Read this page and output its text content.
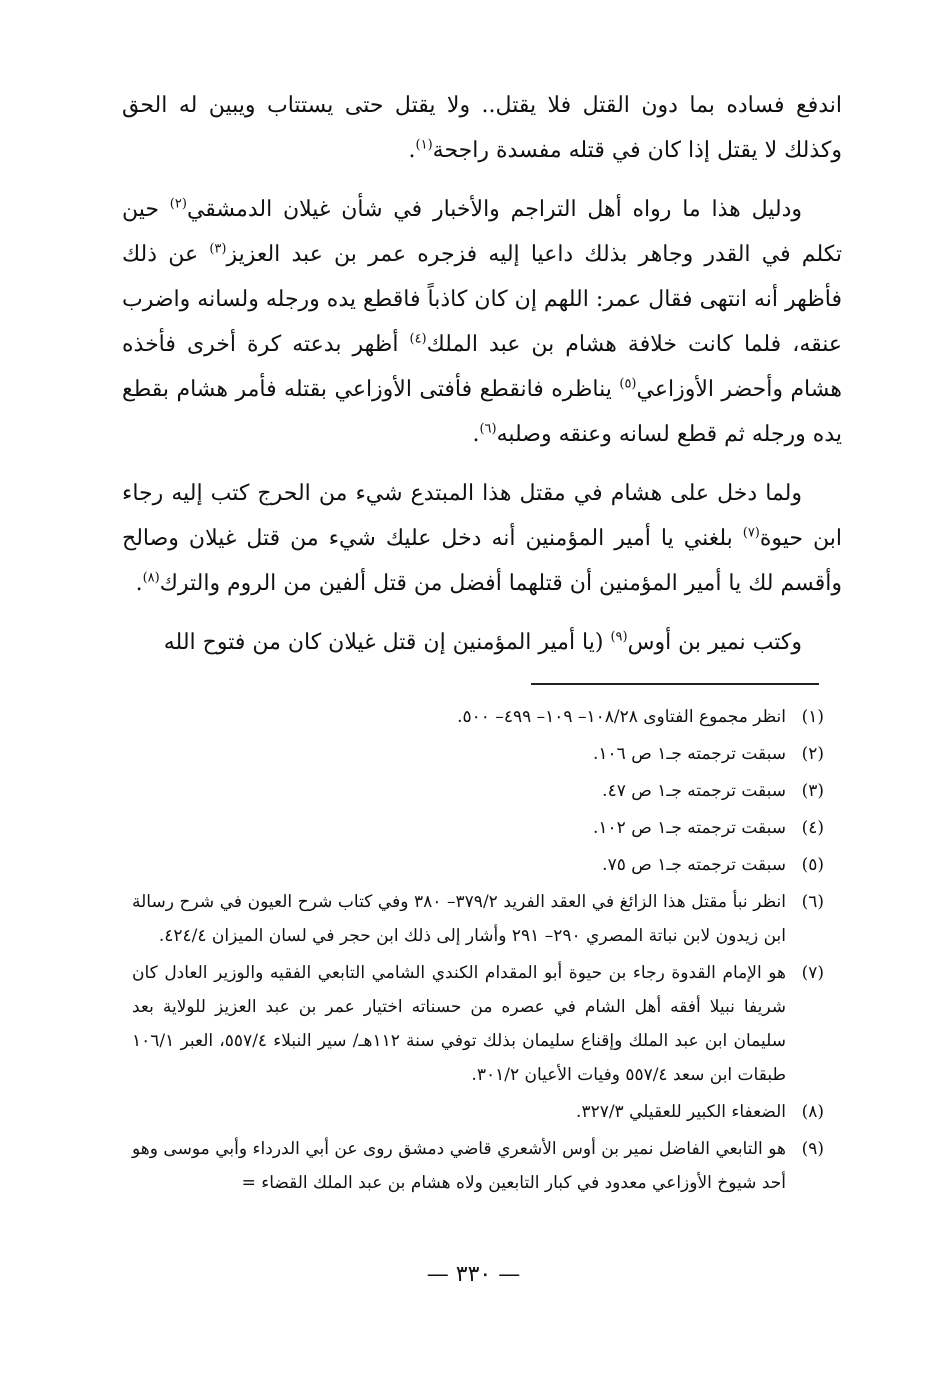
اندفع فساده بما دون القتل فلا يقتل.. ولا يقتل حتى يستتاب ويبين له الحق وكذلك لا يقتل إذا كان في قتله مفسدة راجحة$^{(١)}$.

ودليل هذا ما رواه أهل التراجم والأخبار في شأن غيلان الدمشقي$^{(٢)}$ حين تكلم في القدر وجاهر بذلك داعيا إليه فزجره عمر بن عبد العزيز$^{(٣)}$ عن ذلك فأظهر أنه انتهى فقال عمر: اللهم إن كان كاذباً فاقطع يده ورجله ولسانه واضرب عنقه، فلما كانت خلافة هشام بن عبد الملك$^{(٤)}$ أظهر بدعته كرة أخرى فأخذه هشام وأحضر الأوزاعي$^{(٥)}$ يناظره فانقطع فأفتى الأوزاعي بقتله فأمر هشام بقطع يده ورجله ثم قطع لسانه وعنقه وصلبه$^{(٦)}$.

ولما دخل على هشام في مقتل هذا المبتدع شيء من الحرج كتب إليه رجاء ابن حيوة$^{(٧)}$ بلغني يا أمير المؤمنين أنه دخل عليك شيء من قتل غيلان وصالح وأقسم لك يا أمير المؤمنين أن قتلهما أفضل من قتل ألفين من الروم والترك$^{(٨)}$.

وكتب نمير بن أوس$^{(٩)}$ (يا أمير المؤمنين إن قتل غيلان كان من فتوح الله

(١)
انظر مجموع الفتاوى ١٠٨/٢٨– ١٠٩– ٤٩٩– ٥٠٠.
(٢)
سبقت ترجمته جـ١ ص ١٠٦.
(٣)
سبقت ترجمته جـ١ ص ٤٧.
(٤)
سبقت ترجمته جـ١ ص ١٠٢.
(٥)
سبقت ترجمته جـ١ ص ٧٥.
(٦)
انظر نبأ مقتل هذا الزائغ في العقد الفريد ٣٧٩/٢– ٣٨٠ وفي كتاب شرح العيون في شرح رسالة ابن زيدون لابن نباتة المصري ٢٩٠– ٢٩١ وأشار إلى ذلك ابن حجر في لسان الميزان ٤٢٤/٤.
(٧)
هو الإمام القدوة رجاء بن حيوة أبو المقدام الكندي الشامي التابعي الفقيه والوزير العادل كان شريفا نبيلا أفقه أهل الشام في عصره من حسناته اختيار عمر بن عبد العزيز للولاية بعد سليمان ابن عبد الملك وإقناع سليمان بذلك توفي سنة ١١٢هـ/ سير النبلاء ٥٥٧/٤، العبر ١٠٦/١ طبقات ابن سعد ٥٥٧/٤ وفيات الأعيان ٣٠١/٢.
(٨)
الضعفاء الكبير للعقيلي ٣٢٧/٣.
(٩)
هو التابعي الفاضل نمير بن أوس الأشعري قاضي دمشق روى عن أبي الدرداء وأبي موسى وهو أحد شيوخ الأوزاعي معدود في كبار التابعين ولاه هشام بن عبد الملك القضاء =
— ٣٣٠ —
